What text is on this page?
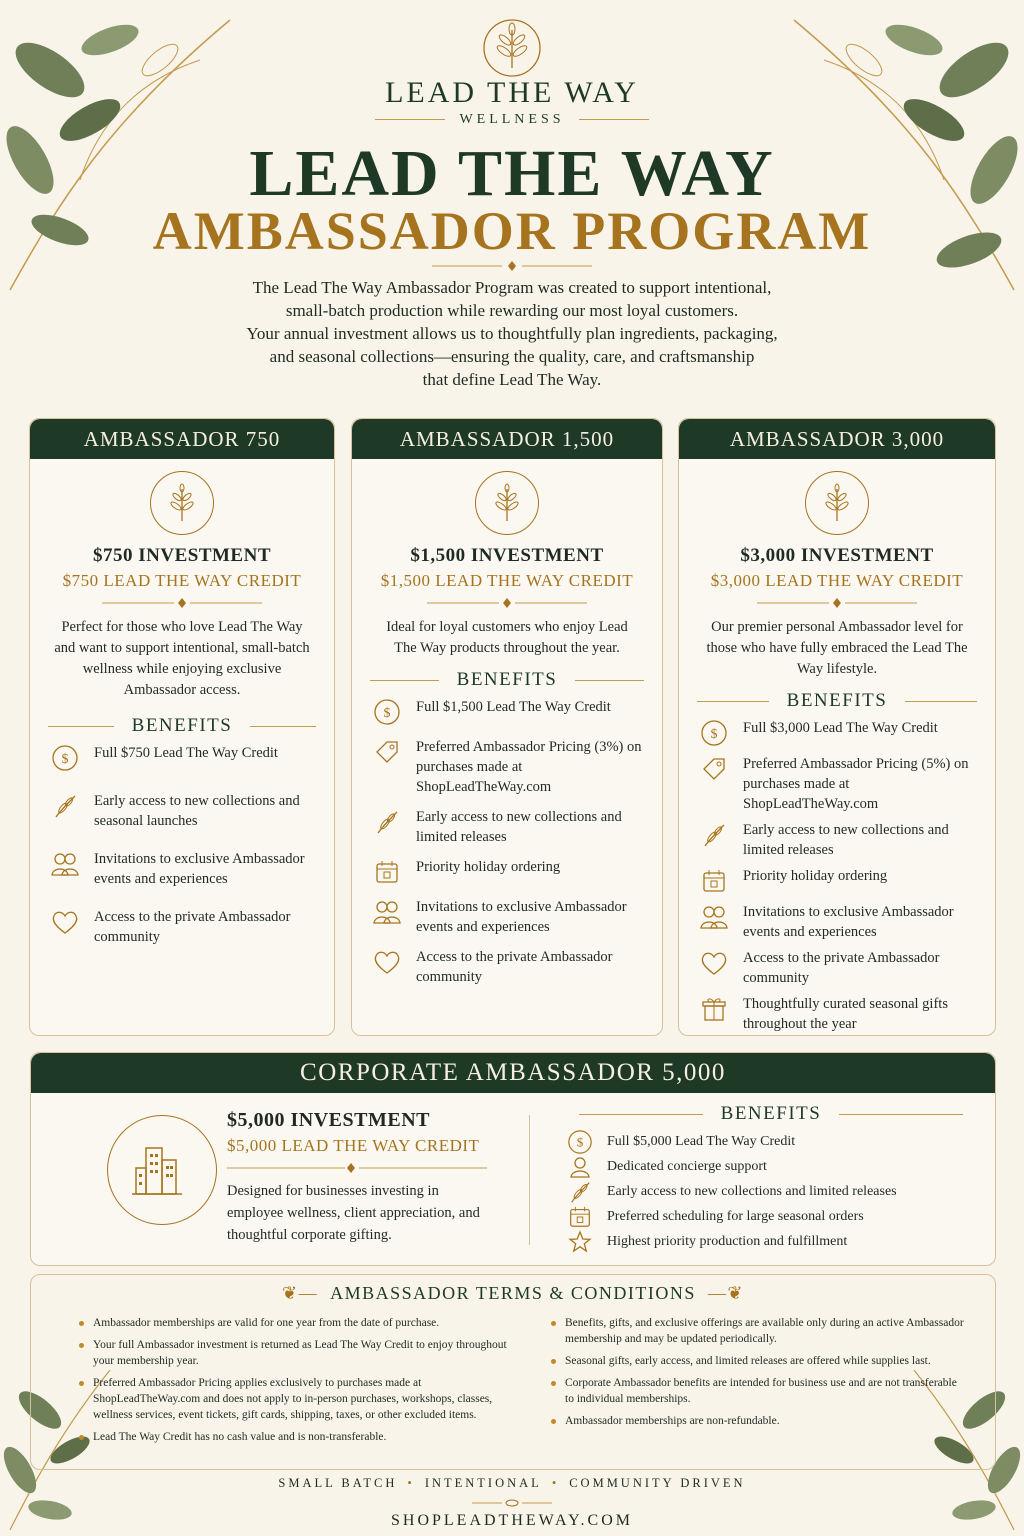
LEAD THE WAY
WELLNESS
LEAD THE WAY
AMBASSADOR PROGRAM
The Lead The Way Ambassador Program was created to support intentional,
small-batch production while rewarding our most loyal customers.
Your annual investment allows us to thoughtfully plan ingredients, packaging,
and seasonal collections—ensuring the quality, care, and craftsmanship
that define Lead The Way.
AMBASSADOR 750
$750 INVESTMENT
$750 LEAD THE WAY CREDIT
Perfect for those who love Lead The Way and want to support intentional, small-batch wellness while enjoying exclusive Ambassador access.
BENEFITS
$ Full $750 Lead The Way Credit
Early access to new collections and seasonal launches
Invitations to exclusive Ambassador events and experiences
Access to the private Ambassador community
AMBASSADOR 1,500
$1,500 INVESTMENT
$1,500 LEAD THE WAY CREDIT
Ideal for loyal customers who enjoy Lead The Way products throughout the year.
BENEFITS
$ Full $1,500 Lead The Way Credit
Preferred Ambassador Pricing (3%) on purchases made at ShopLeadTheWay.com
Early access to new collections and limited releases
Priority holiday ordering
Invitations to exclusive Ambassador events and experiences
Access to the private Ambassador community
AMBASSADOR 3,000
$3,000 INVESTMENT
$3,000 LEAD THE WAY CREDIT
Our premier personal Ambassador level for those who have fully embraced the Lead The Way lifestyle.
BENEFITS
$ Full $3,000 Lead The Way Credit
Preferred Ambassador Pricing (5%) on purchases made at ShopLeadTheWay.com
Early access to new collections and limited releases
Priority holiday ordering
Invitations to exclusive Ambassador events and experiences
Access to the private Ambassador community
Thoughtfully curated seasonal gifts throughout the year
CORPORATE AMBASSADOR 5,000
$5,000 INVESTMENT
$5,000 LEAD THE WAY CREDIT
Designed for businesses investing in employee wellness, client appreciation, and thoughtful corporate gifting.
BENEFITS
$ Full $5,000 Lead The Way Credit
Dedicated concierge support
Early access to new collections and limited releases
Preferred scheduling for large seasonal orders
Highest priority production and fulfillment
❦— AMBASSADOR TERMS & CONDITIONS —❦
Ambassador memberships are valid for one year from the date of purchase.
Your full Ambassador investment is returned as Lead The Way Credit to enjoy throughout your membership year.
Preferred Ambassador Pricing applies exclusively to purchases made at ShopLeadTheWay.com and does not apply to in-person purchases, workshops, classes, wellness services, event tickets, gift cards, shipping, taxes, or other excluded items.
Lead The Way Credit has no cash value and is non-transferable.
Benefits, gifts, and exclusive offerings are available only during an active Ambassador membership and may be updated periodically.
Seasonal gifts, early access, and limited releases are offered while supplies last.
Corporate Ambassador benefits are intended for business use and are not transferable to individual memberships.
Ambassador memberships are non-refundable.
SMALL BATCH • INTENTIONAL • COMMUNITY DRIVEN
SHOPLEADTHEWAY.COM
